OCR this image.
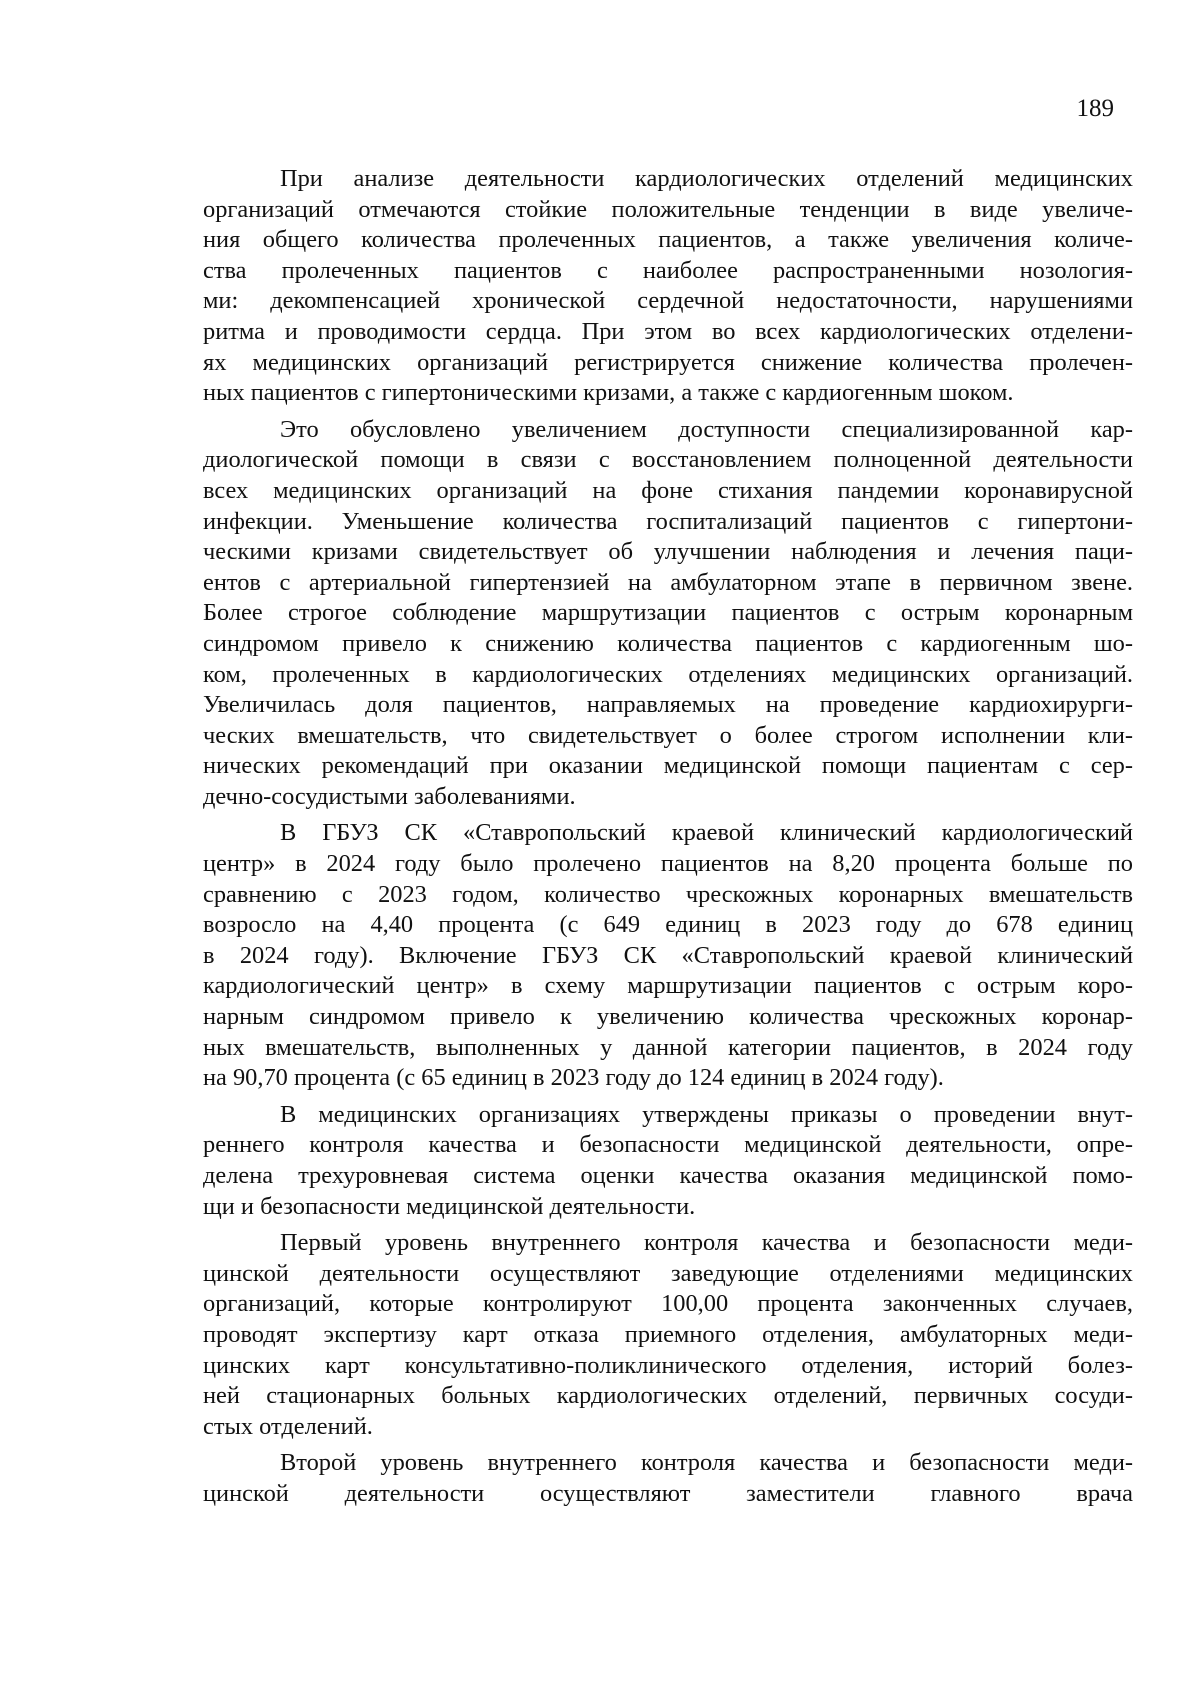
189
При анализе деятельности кардиологических отделений медицинских
организаций отмечаются стойкие положительные тенденции в виде увеличе-
ния общего количества пролеченных пациентов, а также увеличения количе-
ства пролеченных пациентов с наиболее распространенными нозология-
ми: декомпенсацией хронической сердечной недостаточности, нарушениями
ритма и проводимости сердца. При этом во всех кардиологических отделени-
ях медицинских организаций регистрируется снижение количества пролечен-
ных пациентов с гипертоническими кризами, а также с кардиогенным шоком.
Это обусловлено увеличением доступности специализированной кар-
диологической помощи в связи с восстановлением полноценной деятельности
всех медицинских организаций на фоне стихания пандемии коронавирусной
инфекции. Уменьшение количества госпитализаций пациентов с гипертони-
ческими кризами свидетельствует об улучшении наблюдения и лечения паци-
ентов с артериальной гипертензией на амбулаторном этапе в первичном звене.
Более строгое соблюдение маршрутизации пациентов с острым коронарным
синдромом привело к снижению количества пациентов с кардиогенным шо-
ком, пролеченных в кардиологических отделениях медицинских организаций.
Увеличилась доля пациентов, направляемых на проведение кардиохирурги-
ческих вмешательств, что свидетельствует о более строгом исполнении кли-
нических рекомендаций при оказании медицинской помощи пациентам с сер-
дечно-сосудистыми заболеваниями.
В ГБУЗ СК «Ставропольский краевой клинический кардиологический
центр» в 2024 году было пролечено пациентов на 8,20 процента больше по
сравнению с 2023 годом, количество чрескожных коронарных вмешательств
возросло на 4,40 процента (с 649 единиц в 2023 году до 678 единиц
в 2024 году). Включение ГБУЗ СК «Ставропольский краевой клинический
кардиологический центр» в схему маршрутизации пациентов с острым коро-
нарным синдромом привело к увеличению количества чрескожных коронар-
ных вмешательств, выполненных у данной категории пациентов, в 2024 году
на 90,70 процента (с 65 единиц в 2023 году до 124 единиц в 2024 году).
В медицинских организациях утверждены приказы о проведении внут-
реннего контроля качества и безопасности медицинской деятельности, опре-
делена трехуровневая система оценки качества оказания медицинской помо-
щи и безопасности медицинской деятельности.
Первый уровень внутреннего контроля качества и безопасности меди-
цинской деятельности осуществляют заведующие отделениями медицинских
организаций, которые контролируют 100,00 процента законченных случаев,
проводят экспертизу карт отказа приемного отделения, амбулаторных меди-
цинских карт консультативно-поликлинического отделения, историй болез-
ней стационарных больных кардиологических отделений, первичных сосуди-
стых отделений.
Второй уровень внутреннего контроля качества и безопасности меди-
цинской деятельности осуществляют заместители главного врача
